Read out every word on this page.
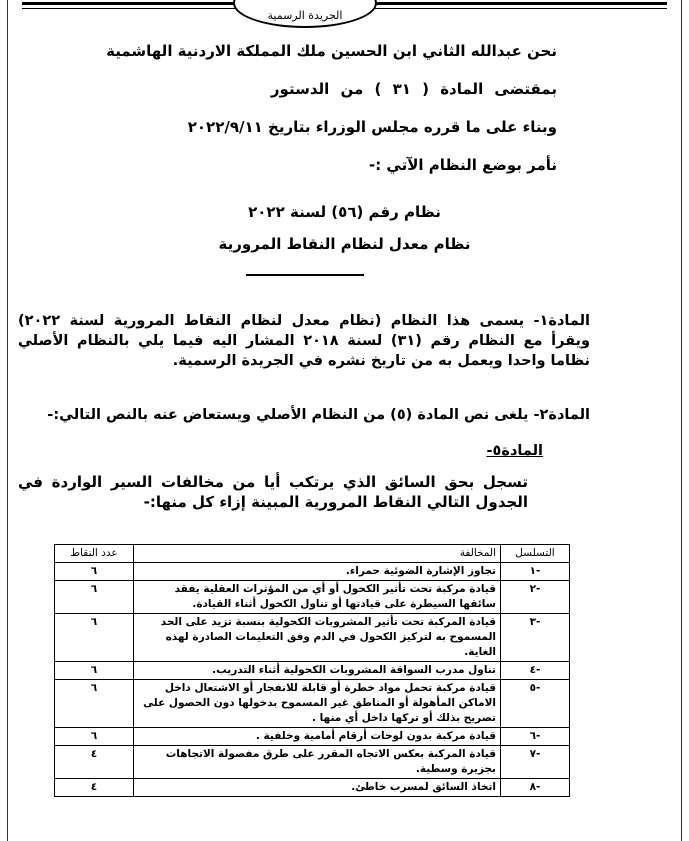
الجريدة الرسمية
نحن عبدالله الثاني ابن الحسين ملك المملكة الاردنية الهاشمية
بمقتضى المادة ( ٣١ ) من الدستور
وبناء على ما قرره مجلس الوزراء بتاريخ ٢٠٢٢/٩/١١
نأمر بوضع النظام الآتي :-
نظام رقم (٥٦) لسنة ٢٠٢٢
نظام معدل لنظام النقاط المرورية
المادة١- يسمى هذا النظام (نظام معدل لنظام النقاط المرورية لسنة ٢٠٢٢) ويقرأ مع النظام رقم (٣١) لسنة ٢٠١٨ المشار اليه فيما يلي بالنظام الأصلي نظاما واحدا ويعمل به من تاريخ نشره في الجريدة الرسمية.
المادة٢- يلغى نص المادة (٥) من النظام الأصلي ويستعاض عنه بالنص التالي:-
المادة٥-
تسجل بحق السائق الذي يرتكب أيا من مخالفات السير الواردة في الجدول التالي النقاط المرورية المبينة إزاء كل منها:-
التسلسل	المخالفة	عدد النقاط
-١	تجاوز الإشارة الضوئية حمراء.	٦
-٢	قيادة مركبة تحت تأثير الكحول أو أي من المؤثرات العقلية يفقد سائقها السيطرة على قيادتها أو تناول الكحول أثناء القيادة.	٦
-٣	قيادة المركبة تحت تأثير المشروبات الكحولية بنسبة تزيد على الحد المسموح به لتركيز الكحول في الدم وفق التعليمات الصادرة لهذه الغاية.	٦
-٤	تناول مدرب السواقة المشروبات الكحولية أثناء التدريب.	٦
-٥	قيادة مركبة تحمل مواد خطرة أو قابلة للانفجار أو الاشتعال داخل الاماكن المأهولة أو المناطق غير المسموح بدخولها دون الحصول على تصريح بذلك أو تركها داخل أي منها .	٦
-٦	قيادة مركبة بدون لوحات أرقام أمامية وخلفية .	٦
-٧	قيادة المركبة بعكس الاتجاه المقرر على طرق مفصولة الاتجاهات بجزيرة وسطية.	٤
-٨	اتخاذ السائق لمسرب خاطئ.	٤
